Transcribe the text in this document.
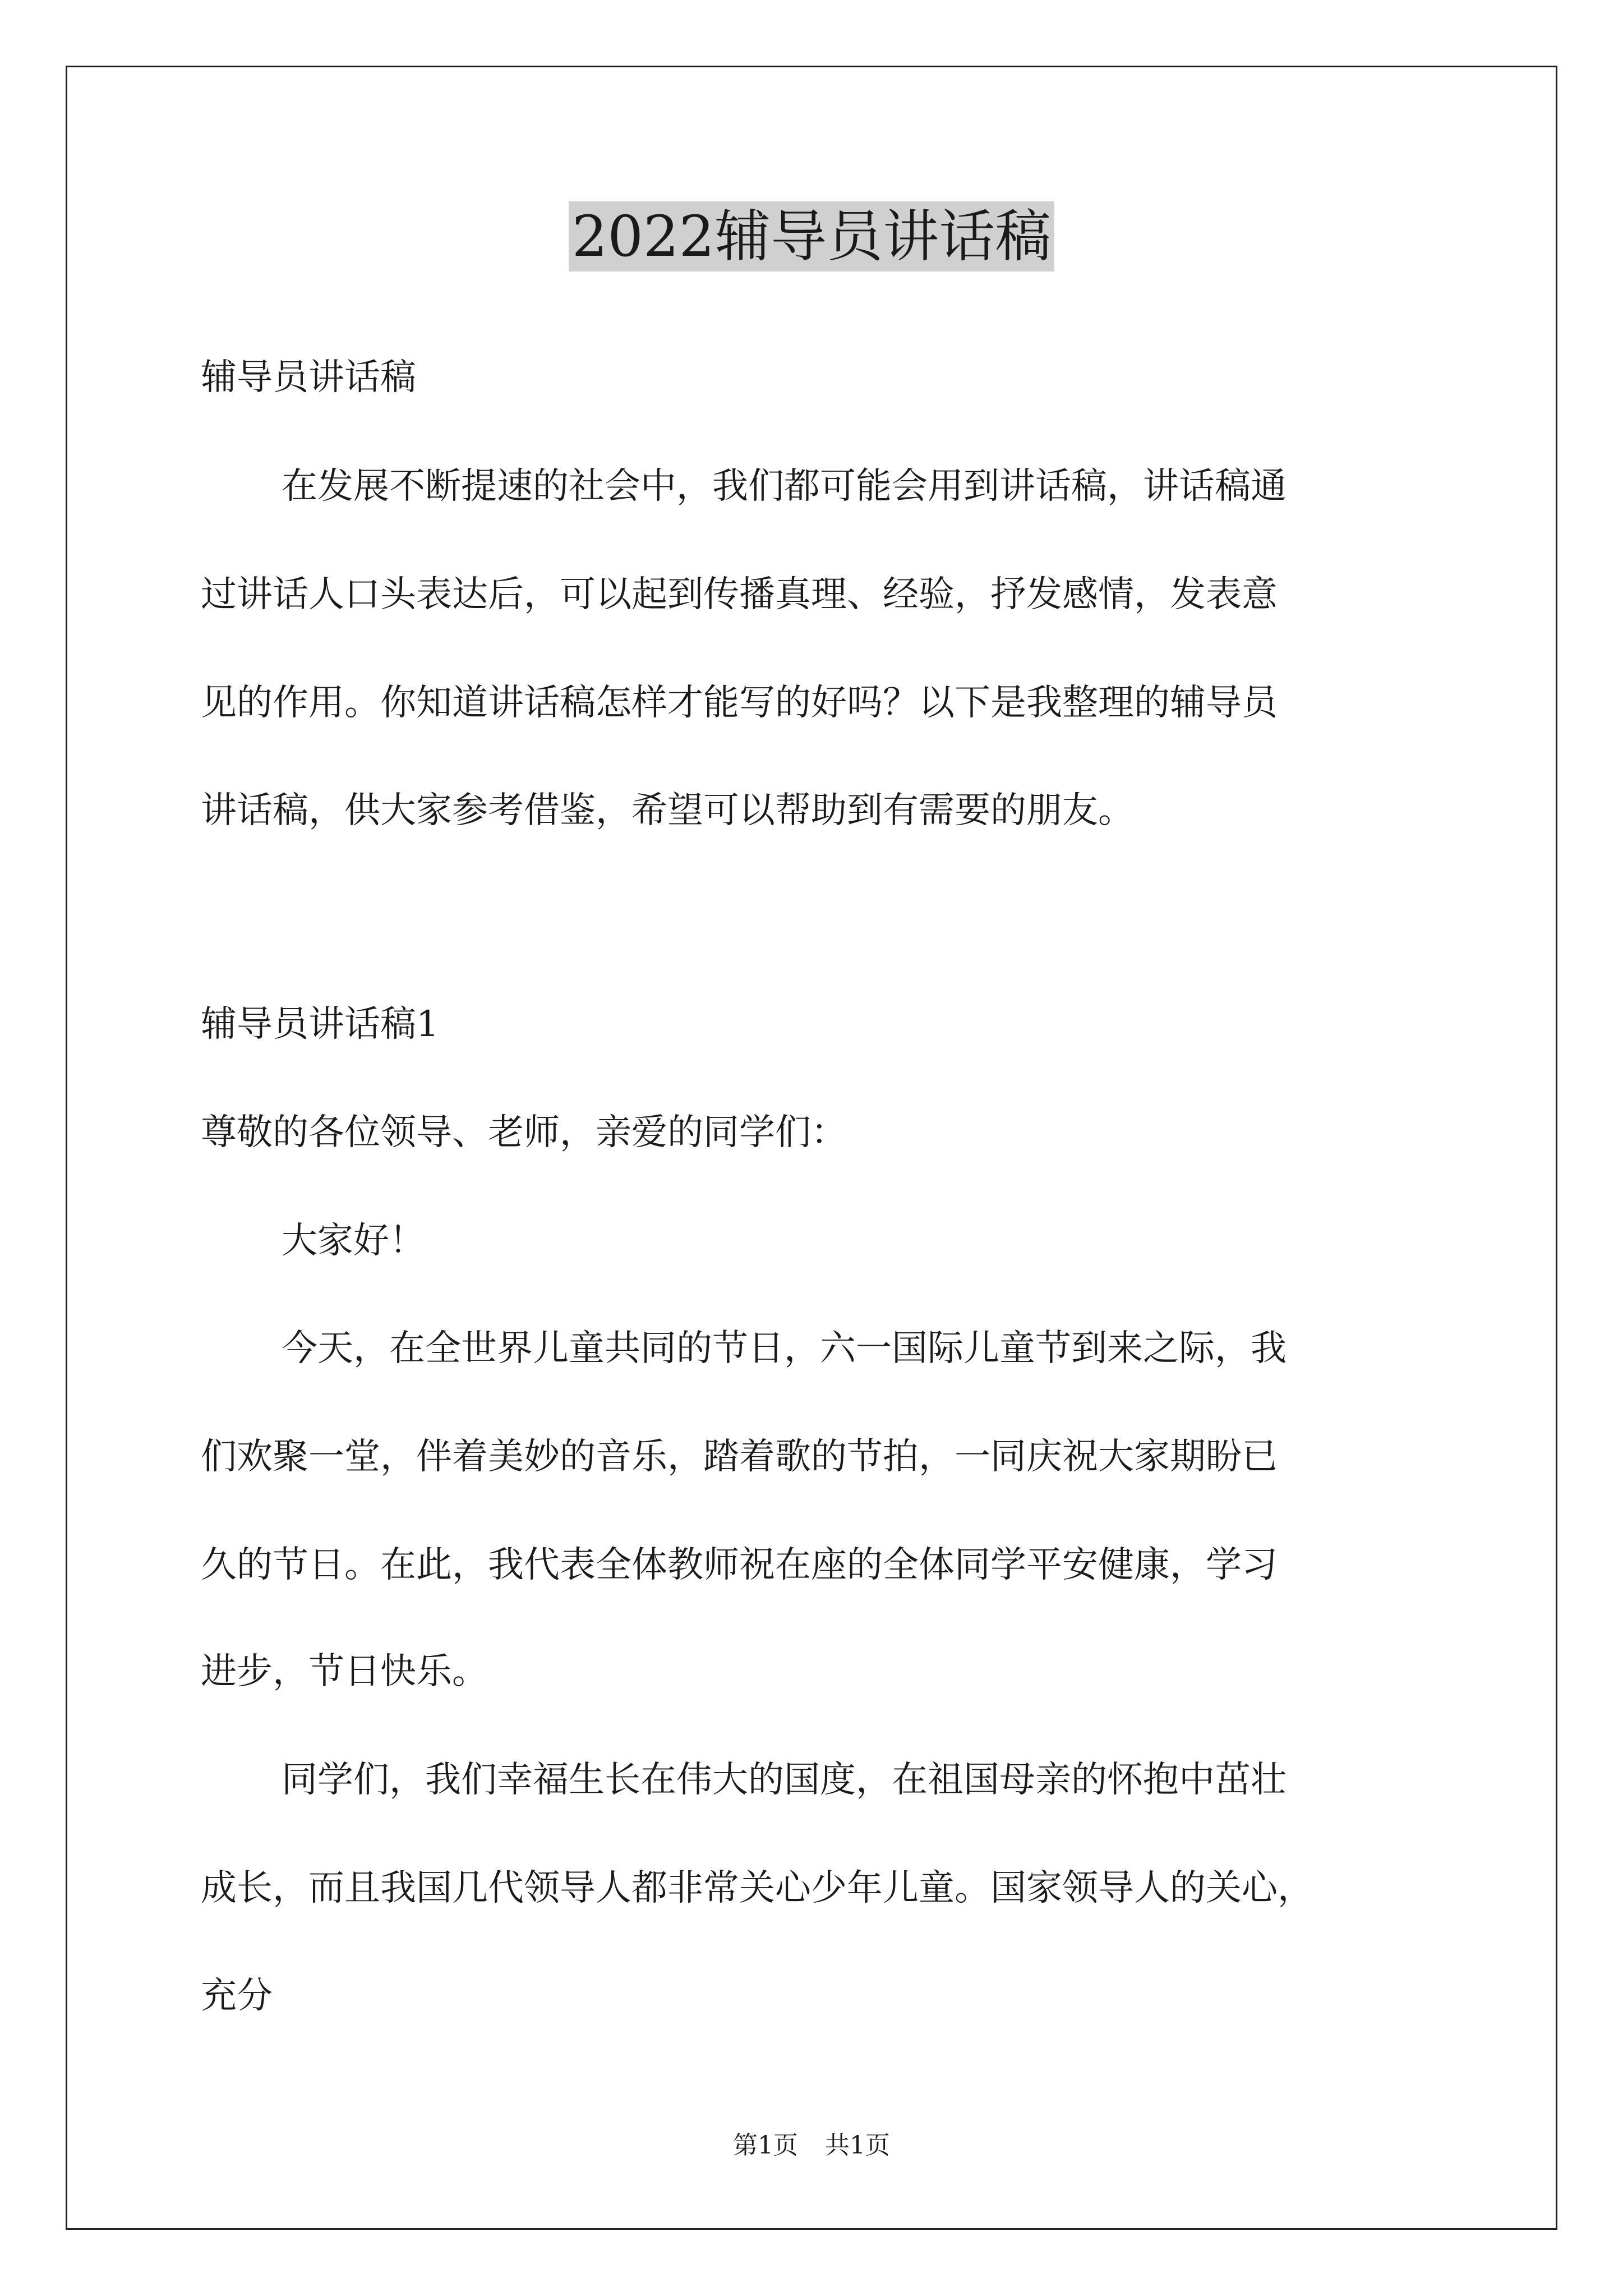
2022辅导员讲话稿
辅导员讲话稿
在发展不断提速的社会中，我们都可能会用到讲话稿，讲话稿通
过讲话人口头表达后，可以起到传播真理、经验，抒发感情，发表意
见的作用。你知道讲话稿怎样才能写的好吗？以下是我整理的辅导员
讲话稿，供大家参考借鉴，希望可以帮助到有需要的朋友。
辅导员讲话稿1
尊敬的各位领导、老师，亲爱的同学们：
大家好！
今天，在全世界儿童共同的节日，六一国际儿童节到来之际，我
们欢聚一堂，伴着美妙的音乐，踏着歌的节拍，一同庆祝大家期盼已
久的节日。在此，我代表全体教师祝在座的全体同学平安健康，学习
进步，节日快乐。
同学们，我们幸福生长在伟大的国度，在祖国母亲的怀抱中茁壮
成长，而且我国几代领导人都非常关心少年儿童。国家领导人的关心，
充分
第1页 共1页
